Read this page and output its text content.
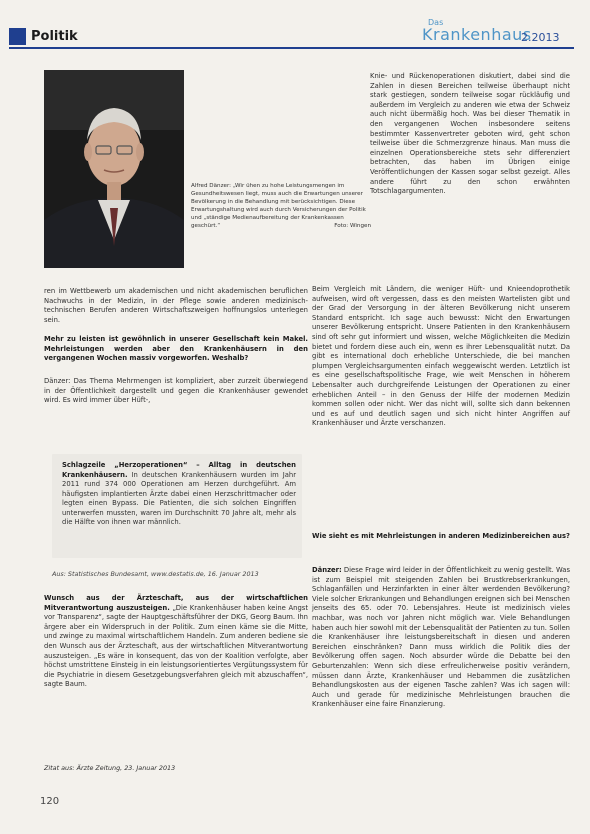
Politik
Das
Krankenhaus
2.2013
Alfred Dänzer: „Wir ühen zu hohe Leistungsmengen im Gesundheitswesen liegt, muss auch die Erwartungen unserer Bevölkerung in die Behandlung mit berücksichtigen. Diese Erwartungshaltung wird auch durch Versicherungen der Politik und „ständige Medienaufbereitung der Krankenkassen geschürt.“	Foto: Wingen
Knie- und Rückenoperationen diskutiert, dabei sind die Zahlen in diesen Bereichen teilweise überhaupt nicht stark gestiegen, sondern teilweise sogar rückläufig und außerdem im Vergleich zu anderen wie etwa der Schweiz auch nicht übermäßig hoch. Was bei dieser Thematik in den vergangenen Wochen insbesondere seitens bestimmter Kassenvertreter geboten wird, geht schon teilweise über die Schmerzgrenze hinaus. Man muss die einzelnen Operationsbereiche stets sehr differenziert betrachten, das haben im Übrigen einige Veröffentlichungen der Kassen sogar selbst gezeigt. Alles andere führt zu den schon erwähnten Totschlagargumenten.
ren im Wettbewerb um akademischen und nicht akademischen beruflichen Nachwuchs in der Medizin, in der Pflege sowie anderen medizinisch-technischen Berufen anderen Wirtschaftszweigen hoffnungslos unterlegen sein.
Mehr zu leisten ist gewöhnlich in unserer Gesellschaft kein Makel. Mehrleistungen werden aber den Krankenhäusern in den vergangenen Wochen massiv vorgeworfen. Weshalb?
Dänzer: Das Thema Mehrmengen ist kompliziert, aber zurzeit überwiegend in der Öffentlichkeit dargestellt und gegen die Krankenhäuser gewendet wird. Es wird immer über Hüft-,
Schlagzeile „Herzoperationen“ – Alltag in deutschen Krankenhäusern. In deutschen Krankenhäusern wurden im Jahr 2011 rund 374 000 Operationen am Herzen durchgeführt. Am häufigsten implantierten Ärzte dabei einen Herzschrittmacher oder legten einen Bypass. Die Patienten, die sich solchen Eingriffen unterwerfen mussten, waren im Durchschnitt 70 Jahre alt, mehr als die Hälfte von ihnen war männlich.
Aus: Statistisches Bundesamt, www.destatis.de, 16. Januar 2013
Wunsch aus der Ärzteschaft, aus der wirtschaftlichen Mitverantwortung auszusteigen. „Die Krankenhäuser haben keine Angst vor Transparenz“, sagte der Hauptgeschäftsführer der DKG, Georg Baum. Ihn ärgere aber ein Widerspruch in der Politik. Zum einen käme sie die Mitte, und zwinge zu maximal wirtschaftlichem Handeln. Zum anderen bediene sie den Wunsch aus der Ärzteschaft, aus der wirtschaftlichen Mitverantwortung auszusteigen. „Es wäre in konsequent, das von der Koalition verfolgte, aber höchst umstrittene Einsteig in ein leistungsorientiertes Vergütungssystem für die Psychiatrie in diesem Gesetzgebungsverfahren gleich mit abzuschaffen“, sagte Baum.
Zitat aus: Ärzte Zeitung, 23. Januar 2013
Beim Vergleich mit Ländern, die weniger Hüft- und Knieendoprothetik aufweisen, wird oft vergessen, dass es den meisten Wartelisten gibt und der Grad der Versorgung in der älteren Bevölkerung nicht unserem Standard entspricht. Ich sage auch bewusst: Nicht den Erwartungen unserer Bevölkerung entspricht. Unsere Patienten in den Krankenhäusern sind oft sehr gut informiert und wissen, welche Möglichkeiten die Medizin bietet und fordern diese auch ein, wenn es ihrer Lebensqualität nutzt. Da gibt es international doch erhebliche Unterschiede, die bei manchen plumpen Vergleichsargumenten einfach weggewischt werden. Letztlich ist es eine gesellschaftspolitische Frage, wie weit Menschen in höherem Lebensalter auch durchgreifende Leistungen der Operationen zu einer erheblichen Anteil – in den Genuss der Hilfe der modernen Medizin kommen sollen oder nicht. Wer das nicht will, sollte sich dann bekennen und es auf und deutlich sagen und sich nicht hinter Angriffen auf Krankenhäuser und Ärzte verschanzen.
Wie sieht es mit Mehrleistungen in anderen Medizinbereichen aus?
Dänzer: Diese Frage wird leider in der Öffentlichkeit zu wenig gestellt. Was ist zum Beispiel mit steigenden Zahlen bei Brustkrebserkrankungen, Schlaganfällen und Herzinfarkten in einer älter werdenden Bevölkerung? Viele solcher Erkrankungen und Behandlungen ereignen sich bei Menschen jenseits des 65. oder 70. Lebensjahres. Heute ist medizinisch vieles machbar, was noch vor Jahren nicht möglich war. Viele Behandlungen haben auch hier sowohl mit der Lebensqualität der Patienten zu tun. Sollen die Krankenhäuser ihre leistungsbereitschaft in diesen und anderen Bereichen einschränken? Dann muss wirklich die Politik dies der Bevölkerung offen sagen. Noch absurder würde die Debatte bei den Geburtenzahlen: Wenn sich diese erfreulicherweise positiv verändern, müssen dann Ärzte, Krankenhäuser und Hebammen die zusätzlichen Behandlungskosten aus der eigenen Tasche zahlen? Was ich sagen will: Auch und gerade für medizinische Mehrleistungen brauchen die Krankenhäuser eine faire Finanzierung.
120
